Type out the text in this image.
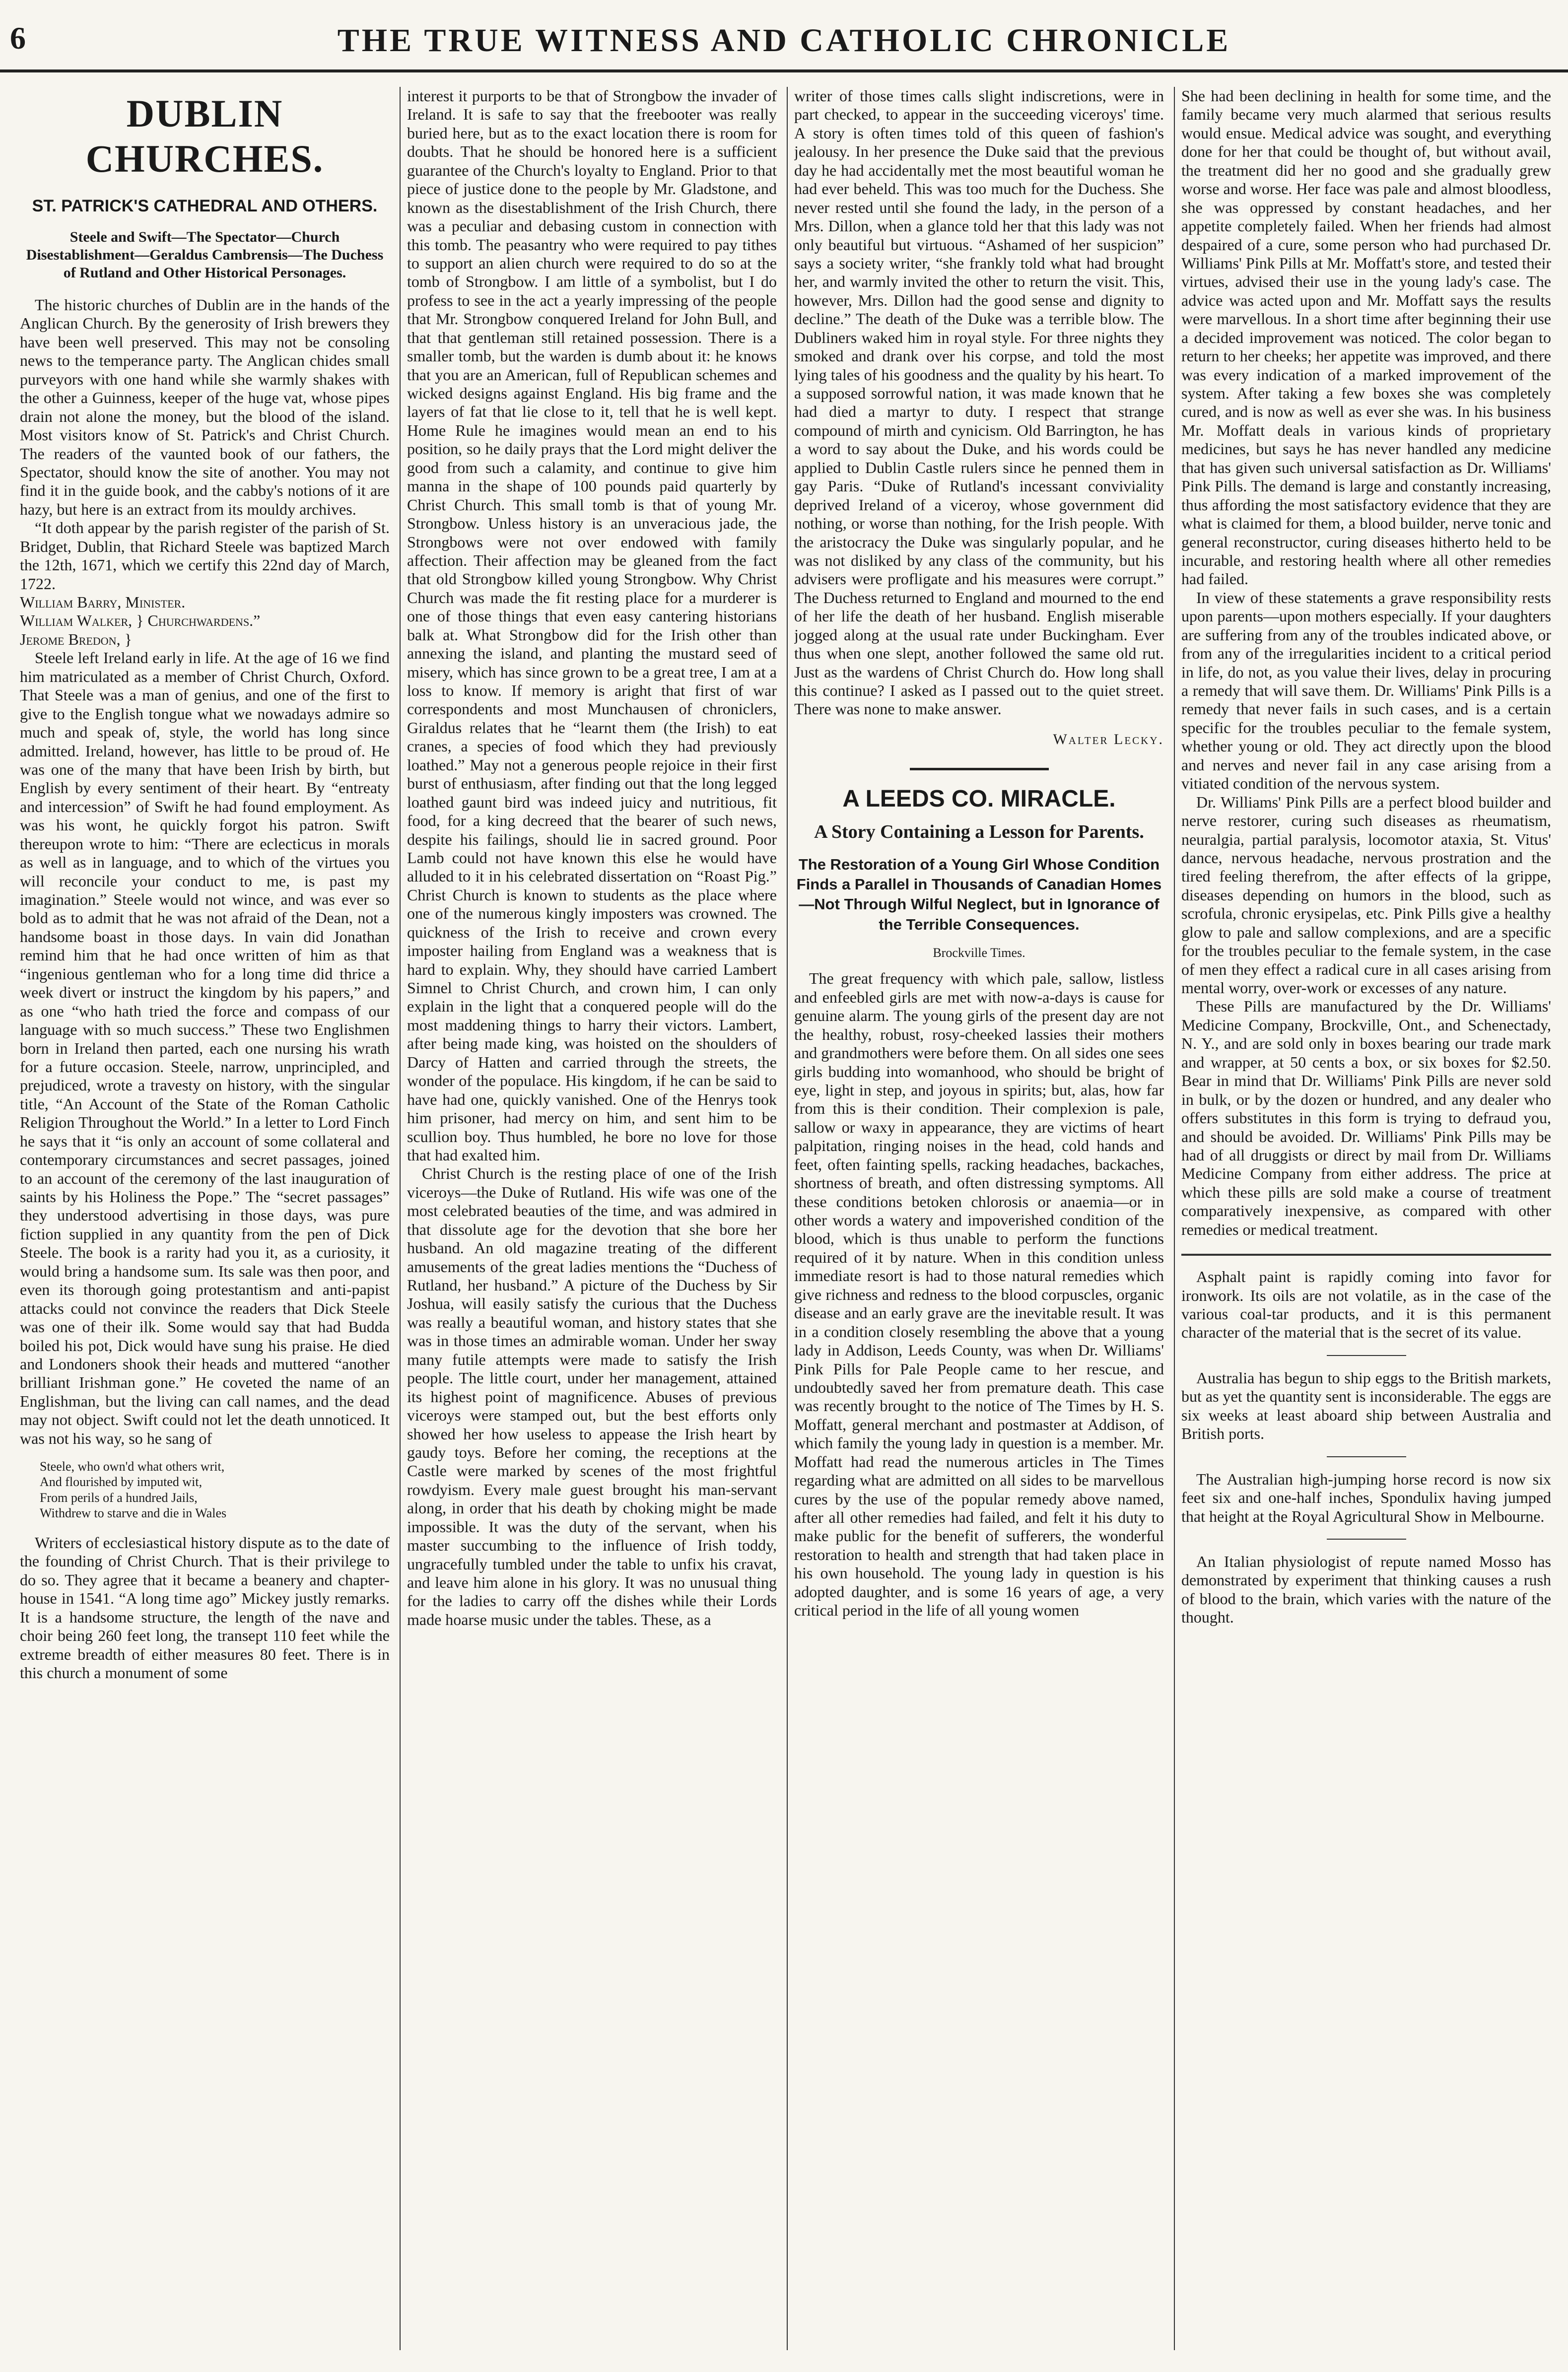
6	THE TRUE WITNESS AND CATHOLIC CHRONICLE
DUBLIN CHURCHES.
ST. PATRICK'S CATHEDRAL AND OTHERS.
Steele and Swift—The Spectator—Church Disestablishment—Geraldus Cambrensis—The Duchess of Rutland and Other Historical Personages.

The historic churches of Dublin are in the hands of the Anglican Church. By the generosity of Irish brewers they have been well preserved. This may not be consoling news to the temperance party. The Anglican chides small purveyors with one hand while she warmly shakes with the other a Guinness, keeper of the huge vat, whose pipes drain not alone the money, but the blood of the island. Most visitors know of St. Patrick's and Christ Church. The readers of the vaunted book of our fathers, the Spectator, should know the site of another. You may not find it in the guide book, and the cabby's notions of it are hazy, but here is an extract from its mouldy archives.

“It doth appear by the parish register of the parish of St. Bridget, Dublin, that Richard Steele was baptized March the 12th, 1671, which we certify this 22nd day of March, 1722.

William Barry, Minister.

William Walker, } Churchwardens.”

Jerome Bredon, }

Steele left Ireland early in life. At the age of 16 we find him matriculated as a member of Christ Church, Oxford. That Steele was a man of genius, and one of the first to give to the English tongue what we nowadays admire so much and speak of, style, the world has long since admitted. Ireland, however, has little to be proud of. He was one of the many that have been Irish by birth, but English by every sentiment of their heart. By “entreaty and intercession” of Swift he had found employment. As was his wont, he quickly forgot his patron. Swift thereupon wrote to him: “There are eclecticus in morals as well as in language, and to which of the virtues you will reconcile your conduct to me, is past my imagination.” Steele would not wince, and was ever so bold as to admit that he was not afraid of the Dean, not a handsome boast in those days. In vain did Jonathan remind him that he had once written of him as that “ingenious gentleman who for a long time did thrice a week divert or instruct the kingdom by his papers,” and as one “who hath tried the force and compass of our language with so much success.” These two Englishmen born in Ireland then parted, each one nursing his wrath for a future occasion. Steele, narrow, unprincipled, and prejudiced, wrote a travesty on history, with the singular title, “An Account of the State of the Roman Catholic Religion Throughout the World.” In a letter to Lord Finch he says that it “is only an account of some collateral and contemporary circumstances and secret passages, joined to an account of the ceremony of the last inauguration of saints by his Holiness the Pope.” The “secret passages” they understood advertising in those days, was pure fiction supplied in any quantity from the pen of Dick Steele. The book is a rarity had you it, as a curiosity, it would bring a handsome sum. Its sale was then poor, and even its thorough going protestantism and anti-papist attacks could not convince the readers that Dick Steele was one of their ilk. Some would say that had Budda boiled his pot, Dick would have sung his praise. He died and Londoners shook their heads and muttered “another brilliant Irishman gone.” He coveted the name of an Englishman, but the living can call names, and the dead may not object. Swift could not let the death unnoticed. It was not his way, so he sang of

Steele, who own'd what others writ,
And flourished by imputed wit,
From perils of a hundred Jails,
Withdrew to starve and die in Wales

Writers of ecclesiastical history dispute as to the date of the founding of Christ Church. That is their privilege to do so. They agree that it became a beanery and chapter-house in 1541. “A long time ago” Mickey justly remarks. It is a handsome structure, the length of the nave and choir being 260 feet long, the transept 110 feet while the extreme breadth of either measures 80 feet. There is in this church a monument of some

interest it purports to be that of Strongbow the invader of Ireland. It is safe to say that the freebooter was really buried here, but as to the exact location there is room for doubts. That he should be honored here is a sufficient guarantee of the Church's loyalty to England. Prior to that piece of justice done to the people by Mr. Gladstone, and known as the disestablishment of the Irish Church, there was a peculiar and debasing custom in connection with this tomb. The peasantry who were required to pay tithes to support an alien church were required to do so at the tomb of Strongbow. I am little of a symbolist, but I do profess to see in the act a yearly impressing of the people that Mr. Strongbow conquered Ireland for John Bull, and that that gentleman still retained possession. There is a smaller tomb, but the warden is dumb about it: he knows that you are an American, full of Republican schemes and wicked designs against England. His big frame and the layers of fat that lie close to it, tell that he is well kept. Home Rule he imagines would mean an end to his position, so he daily prays that the Lord might deliver the good from such a calamity, and continue to give him manna in the shape of 100 pounds paid quarterly by Christ Church. This small tomb is that of young Mr. Strongbow. Unless history is an unveracious jade, the Strongbows were not over endowed with family affection. Their affection may be gleaned from the fact that old Strongbow killed young Strongbow. Why Christ Church was made the fit resting place for a murderer is one of those things that even easy cantering historians balk at. What Strongbow did for the Irish other than annexing the island, and planting the mustard seed of misery, which has since grown to be a great tree, I am at a loss to know. If memory is aright that first of war correspondents and most Munchausen of chroniclers, Giraldus relates that he “learnt them (the Irish) to eat cranes, a species of food which they had previously loathed.” May not a generous people rejoice in their first burst of enthusiasm, after finding out that the long legged loathed gaunt bird was indeed juicy and nutritious, fit food, for a king decreed that the bearer of such news, despite his failings, should lie in sacred ground. Poor Lamb could not have known this else he would have alluded to it in his celebrated dissertation on “Roast Pig.” Christ Church is known to students as the place where one of the numerous kingly imposters was crowned. The quickness of the Irish to receive and crown every imposter hailing from England was a weakness that is hard to explain. Why, they should have carried Lambert Simnel to Christ Church, and crown him, I can only explain in the light that a conquered people will do the most maddening things to harry their victors. Lambert, after being made king, was hoisted on the shoulders of Darcy of Hatten and carried through the streets, the wonder of the populace. His kingdom, if he can be said to have had one, quickly vanished. One of the Henrys took him prisoner, had mercy on him, and sent him to be scullion boy. Thus humbled, he bore no love for those that had exalted him.

Christ Church is the resting place of one of the Irish viceroys—the Duke of Rutland. His wife was one of the most celebrated beauties of the time, and was admired in that dissolute age for the devotion that she bore her husband. An old magazine treating of the different amusements of the great ladies mentions the “Duchess of Rutland, her husband.” A picture of the Duchess by Sir Joshua, will easily satisfy the curious that the Duchess was really a beautiful woman, and history states that she was in those times an admirable woman. Under her sway many futile attempts were made to satisfy the Irish people. The little court, under her management, attained its highest point of magnificence. Abuses of previous viceroys were stamped out, but the best efforts only showed her how useless to appease the Irish heart by gaudy toys. Before her coming, the receptions at the Castle were marked by scenes of the most frightful rowdyism. Every male guest brought his man-servant along, in order that his death by choking might be made impossible. It was the duty of the servant, when his master succumbing to the influence of Irish toddy, ungracefully tumbled under the table to unfix his cravat, and leave him alone in his glory. It was no unusual thing for the ladies to carry off the dishes while their Lords made hoarse music under the tables. These, as a

writer of those times calls slight indiscretions, were in part checked, to appear in the succeeding viceroys' time. A story is often times told of this queen of fashion's jealousy. In her presence the Duke said that the previous day he had accidentally met the most beautiful woman he had ever beheld. This was too much for the Duchess. She never rested until she found the lady, in the person of a Mrs. Dillon, when a glance told her that this lady was not only beautiful but virtuous. “Ashamed of her suspicion” says a society writer, “she frankly told what had brought her, and warmly invited the other to return the visit. This, however, Mrs. Dillon had the good sense and dignity to decline.” The death of the Duke was a terrible blow. The Dubliners waked him in royal style. For three nights they smoked and drank over his corpse, and told the most lying tales of his goodness and the quality by his heart. To a supposed sorrowful nation, it was made known that he had died a martyr to duty. I respect that strange compound of mirth and cynicism. Old Barrington, he has a word to say about the Duke, and his words could be applied to Dublin Castle rulers since he penned them in gay Paris. “Duke of Rutland's incessant conviviality deprived Ireland of a viceroy, whose government did nothing, or worse than nothing, for the Irish people. With the aristocracy the Duke was singularly popular, and he was not disliked by any class of the community, but his advisers were profligate and his measures were corrupt.” The Duchess returned to England and mourned to the end of her life the death of her husband. English miserable jogged along at the usual rate under Buckingham. Ever thus when one slept, another followed the same old rut. Just as the wardens of Christ Church do. How long shall this continue? I asked as I passed out to the quiet street. There was none to make answer.

Walter Lecky.
A LEEDS CO. MIRACLE.
A Story Containing a Lesson for Parents.
The Restoration of a Young Girl Whose Condition Finds a Parallel in Thousands of Canadian Homes—Not Through Wilful Neglect, but in Ignorance of the Terrible Consequences.
Brockville Times.

The great frequency with which pale, sallow, listless and enfeebled girls are met with now-a-days is cause for genuine alarm. The young girls of the present day are not the healthy, robust, rosy-cheeked lassies their mothers and grandmothers were before them. On all sides one sees girls budding into womanhood, who should be bright of eye, light in step, and joyous in spirits; but, alas, how far from this is their condition. Their complexion is pale, sallow or waxy in appearance, they are victims of heart palpitation, ringing noises in the head, cold hands and feet, often fainting spells, racking headaches, backaches, shortness of breath, and often distressing symptoms. All these conditions betoken chlorosis or anaemia—or in other words a watery and impoverished condition of the blood, which is thus unable to perform the functions required of it by nature. When in this condition unless immediate resort is had to those natural remedies which give richness and redness to the blood corpuscles, organic disease and an early grave are the inevitable result. It was in a condition closely resembling the above that a young lady in Addison, Leeds County, was when Dr. Williams' Pink Pills for Pale People came to her rescue, and undoubtedly saved her from premature death. This case was recently brought to the notice of The Times by H. S. Moffatt, general merchant and postmaster at Addison, of which family the young lady in question is a member. Mr. Moffatt had read the numerous articles in The Times regarding what are admitted on all sides to be marvellous cures by the use of the popular remedy above named, after all other remedies had failed, and felt it his duty to make public for the benefit of sufferers, the wonderful restoration to health and strength that had taken place in his own household. The young lady in question is his adopted daughter, and is some 16 years of age, a very critical period in the life of all young women

She had been declining in health for some time, and the family became very much alarmed that serious results would ensue. Medical advice was sought, and everything done for her that could be thought of, but without avail, the treatment did her no good and she gradually grew worse and worse. Her face was pale and almost bloodless, she was oppressed by constant headaches, and her appetite completely failed. When her friends had almost despaired of a cure, some person who had purchased Dr. Williams' Pink Pills at Mr. Moffatt's store, and tested their virtues, advised their use in the young lady's case. The advice was acted upon and Mr. Moffatt says the results were marvellous. In a short time after beginning their use a decided improvement was noticed. The color began to return to her cheeks; her appetite was improved, and there was every indication of a marked improvement of the system. After taking a few boxes she was completely cured, and is now as well as ever she was. In his business Mr. Moffatt deals in various kinds of proprietary medicines, but says he has never handled any medicine that has given such universal satisfaction as Dr. Williams' Pink Pills. The demand is large and constantly increasing, thus affording the most satisfactory evidence that they are what is claimed for them, a blood builder, nerve tonic and general reconstructor, curing diseases hitherto held to be incurable, and restoring health where all other remedies had failed.

In view of these statements a grave responsibility rests upon parents—upon mothers especially. If your daughters are suffering from any of the troubles indicated above, or from any of the irregularities incident to a critical period in life, do not, as you value their lives, delay in procuring a remedy that will save them. Dr. Williams' Pink Pills is a remedy that never fails in such cases, and is a certain specific for the troubles peculiar to the female system, whether young or old. They act directly upon the blood and nerves and never fail in any case arising from a vitiated condition of the nervous system.

Dr. Williams' Pink Pills are a perfect blood builder and nerve restorer, curing such diseases as rheumatism, neuralgia, partial paralysis, locomotor ataxia, St. Vitus' dance, nervous headache, nervous prostration and the tired feeling therefrom, the after effects of la grippe, diseases depending on humors in the blood, such as scrofula, chronic erysipelas, etc. Pink Pills give a healthy glow to pale and sallow complexions, and are a specific for the troubles peculiar to the female system, in the case of men they effect a radical cure in all cases arising from mental worry, over-work or excesses of any nature.

These Pills are manufactured by the Dr. Williams' Medicine Company, Brockville, Ont., and Schenectady, N. Y., and are sold only in boxes bearing our trade mark and wrapper, at 50 cents a box, or six boxes for $2.50. Bear in mind that Dr. Williams' Pink Pills are never sold in bulk, or by the dozen or hundred, and any dealer who offers substitutes in this form is trying to defraud you, and should be avoided. Dr. Williams' Pink Pills may be had of all druggists or direct by mail from Dr. Williams Medicine Company from either address. The price at which these pills are sold make a course of treatment comparatively inexpensive, as compared with other remedies or medical treatment.

Asphalt paint is rapidly coming into favor for ironwork. Its oils are not volatile, as in the case of the various coal-tar products, and it is this permanent character of the material that is the secret of its value.

Australia has begun to ship eggs to the British markets, but as yet the quantity sent is inconsiderable. The eggs are six weeks at least aboard ship between Australia and British ports.

The Australian high-jumping horse record is now six feet six and one-half inches, Spondulix having jumped that height at the Royal Agricultural Show in Melbourne.

An Italian physiologist of repute named Mosso has demonstrated by experiment that thinking causes a rush of blood to the brain, which varies with the nature of the thought.
